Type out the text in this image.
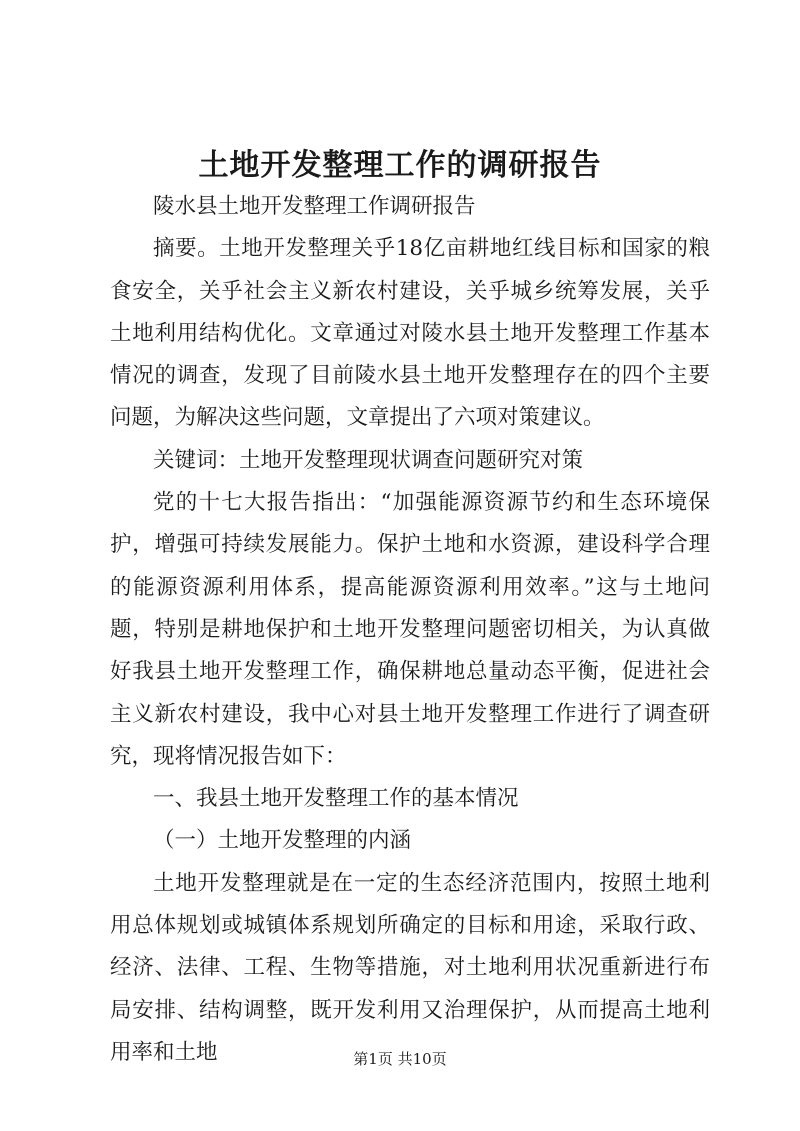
土地开发整理工作的调研报告

陵水县土地开发整理工作调研报告

摘要。土地开发整理关乎18亿亩耕地红线目标和国家的粮食安全，关乎社会主义新农村建设，关乎城乡统筹发展，关乎土地利用结构优化。文章通过对陵水县土地开发整理工作基本情况的调查，发现了目前陵水县土地开发整理存在的四个主要问题，为解决这些问题，文章提出了六项对策建议。

关键词：土地开发整理现状调查问题研究对策

党的十七大报告指出：“加强能源资源节约和生态环境保护，增强可持续发展能力。保护土地和水资源，建设科学合理的能源资源利用体系，提高能源资源利用效率。”这与土地问题，特别是耕地保护和土地开发整理问题密切相关，为认真做好我县土地开发整理工作，确保耕地总量动态平衡，促进社会主义新农村建设，我中心对县土地开发整理工作进行了调查研究，现将情况报告如下：

一、我县土地开发整理工作的基本情况

（一）土地开发整理的内涵

土地开发整理就是在一定的生态经济范围内，按照土地利用总体规划或城镇体系规划所确定的目标和用途，采取行政、经济、法律、工程、生物等措施，对土地利用状况重新进行布局安排、结构调整，既开发利用又治理保护，从而提高土地利用率和土地	第1页 共10页
